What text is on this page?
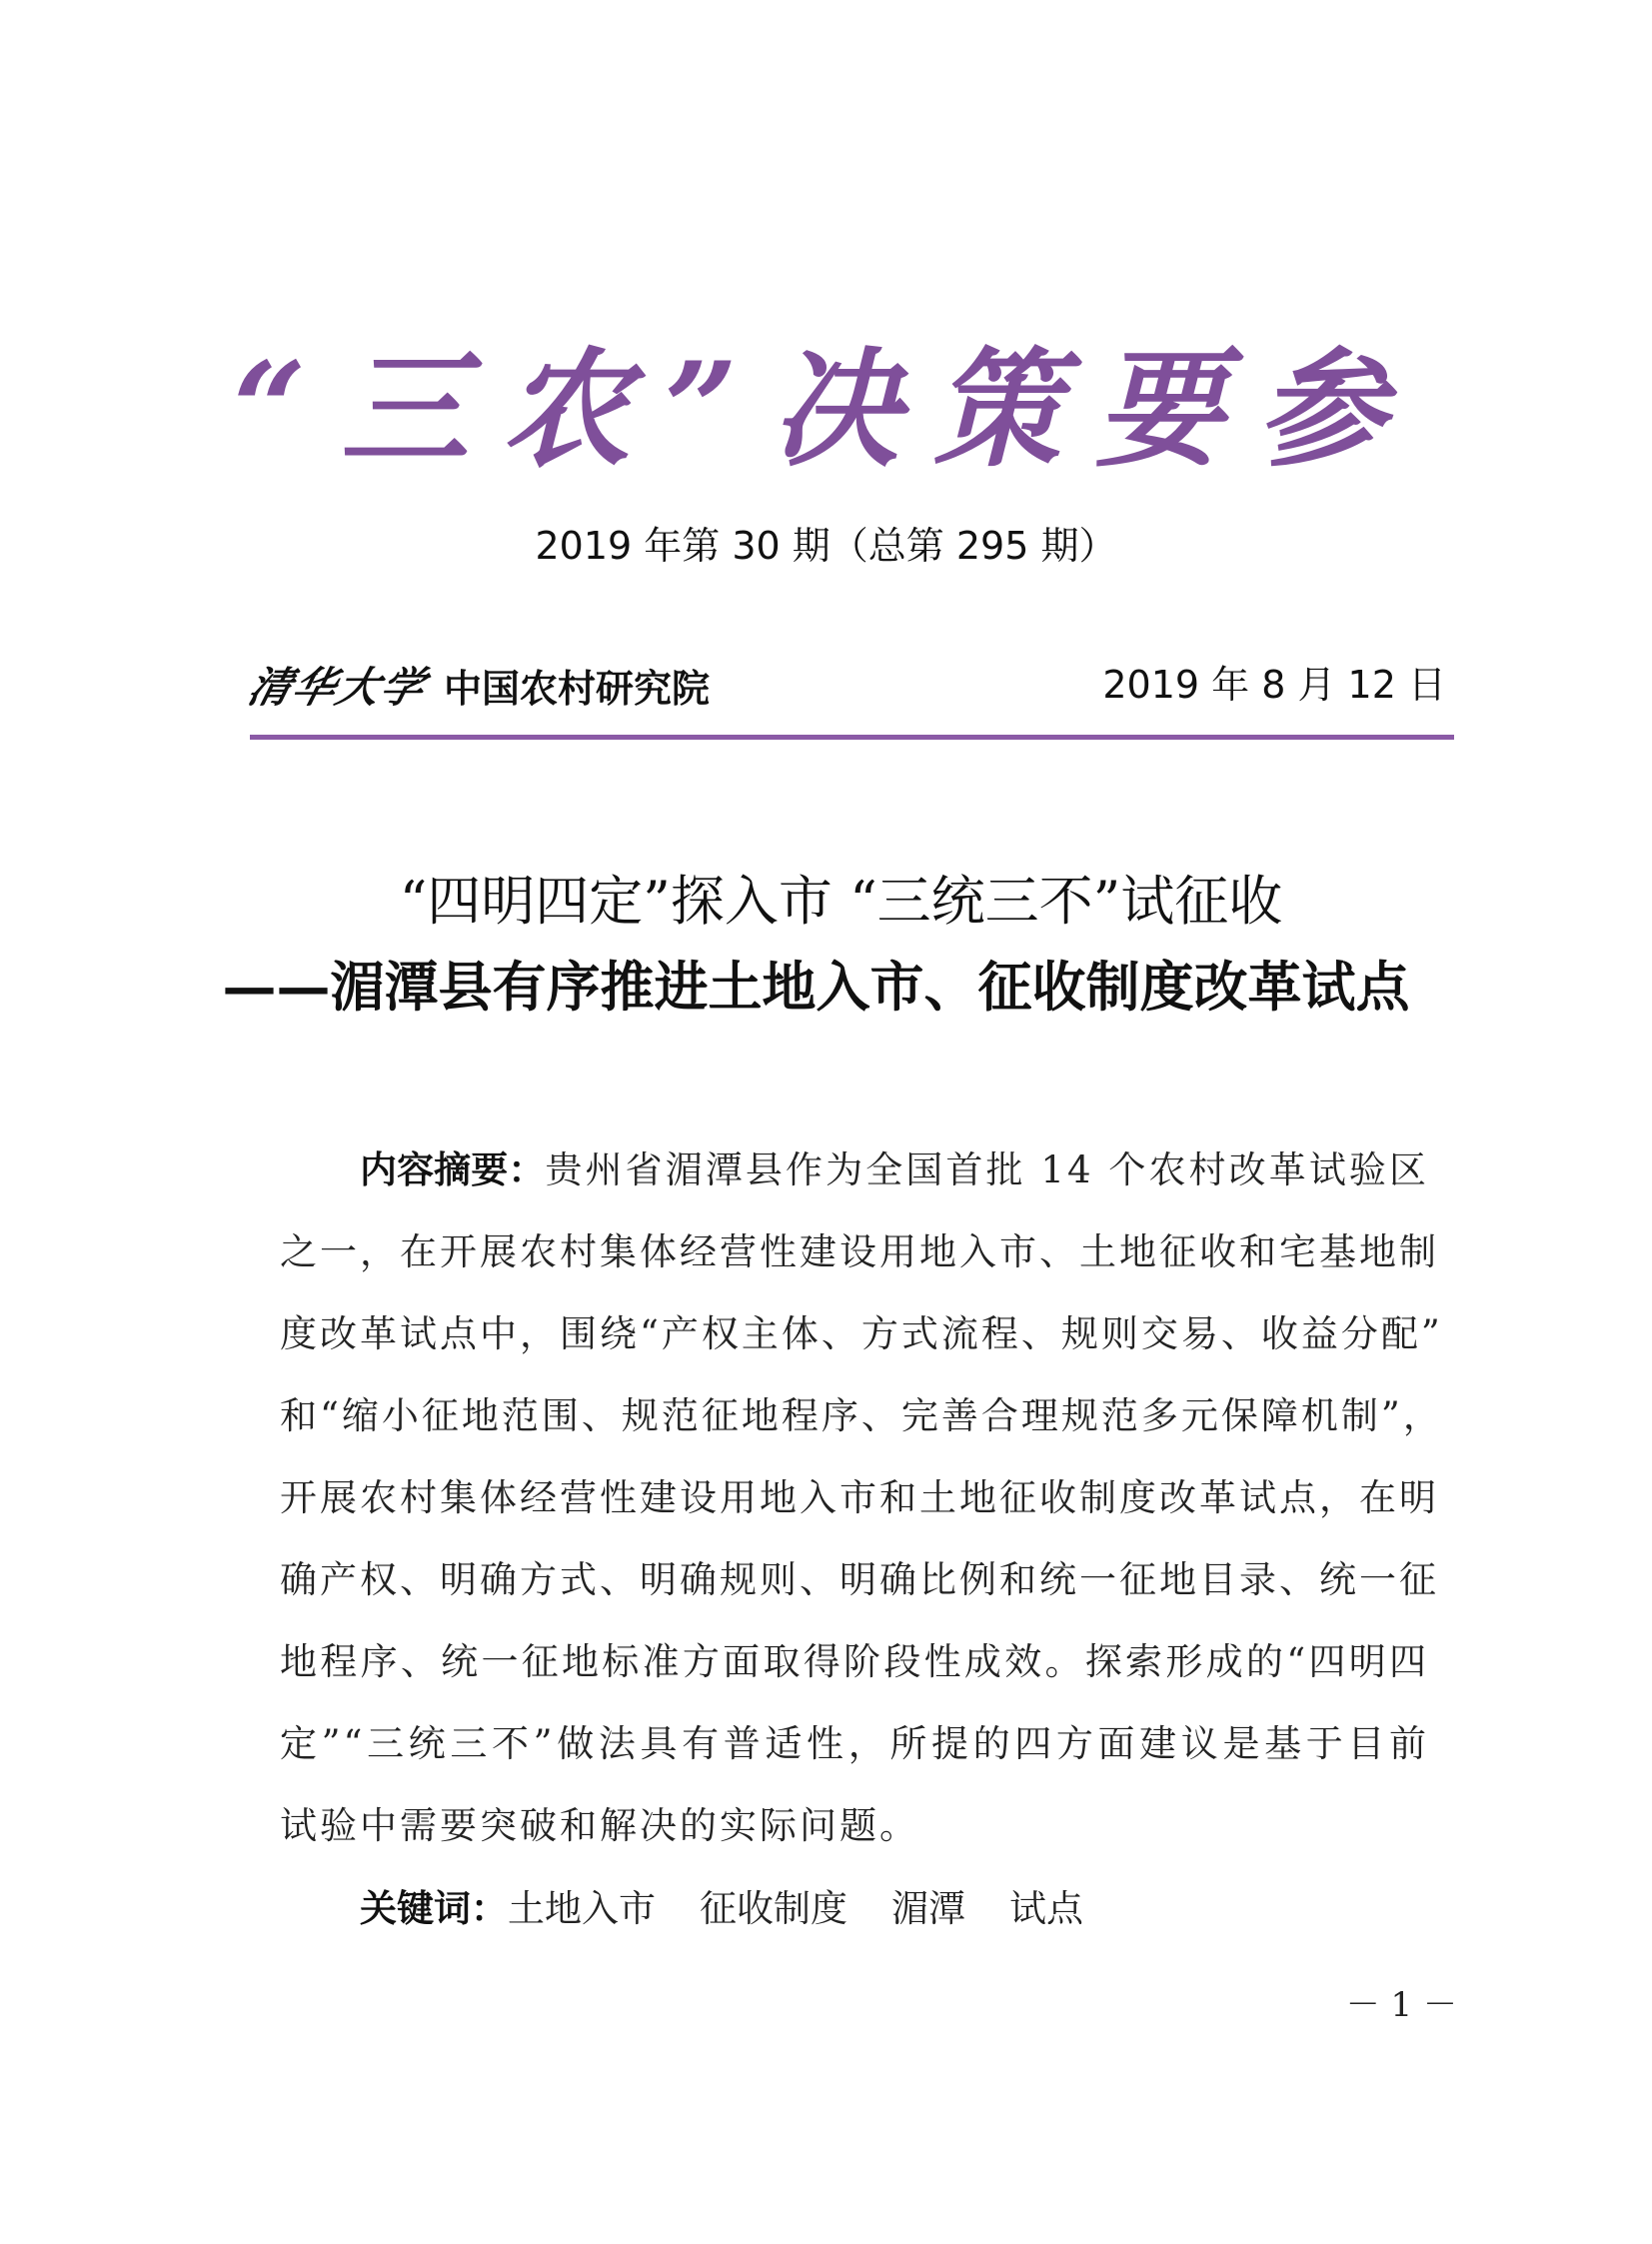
“三农”决策要参
2019 年第 30 期（总第 295 期）
清华大学 中国农村研究院	2019 年 8 月 12 日
“四明四定”探入市 “三统三不”试征收
——湄潭县有序推进土地入市、征收制度改革试点
内容摘要：贵州省湄潭县作为全国首批 14 个农村改革试验区
之一，在开展农村集体经营性建设用地入市、土地征收和宅基地制
度改革试点中，围绕“产权主体、方式流程、规则交易、收益分配”
和“缩小征地范围、规范征地程序、完善合理规范多元保障机制”，
开展农村集体经营性建设用地入市和土地征收制度改革试点，在明
确产权、明确方式、明确规则、明确比例和统一征地目录、统一征
地程序、统一征地标准方面取得阶段性成效。探索形成的“四明四
定”“三统三不”做法具有普适性，所提的四方面建议是基于目前
试验中需要突破和解决的实际问题。
关键词：土地入市 征收制度 湄潭 试点
－ 1 －
